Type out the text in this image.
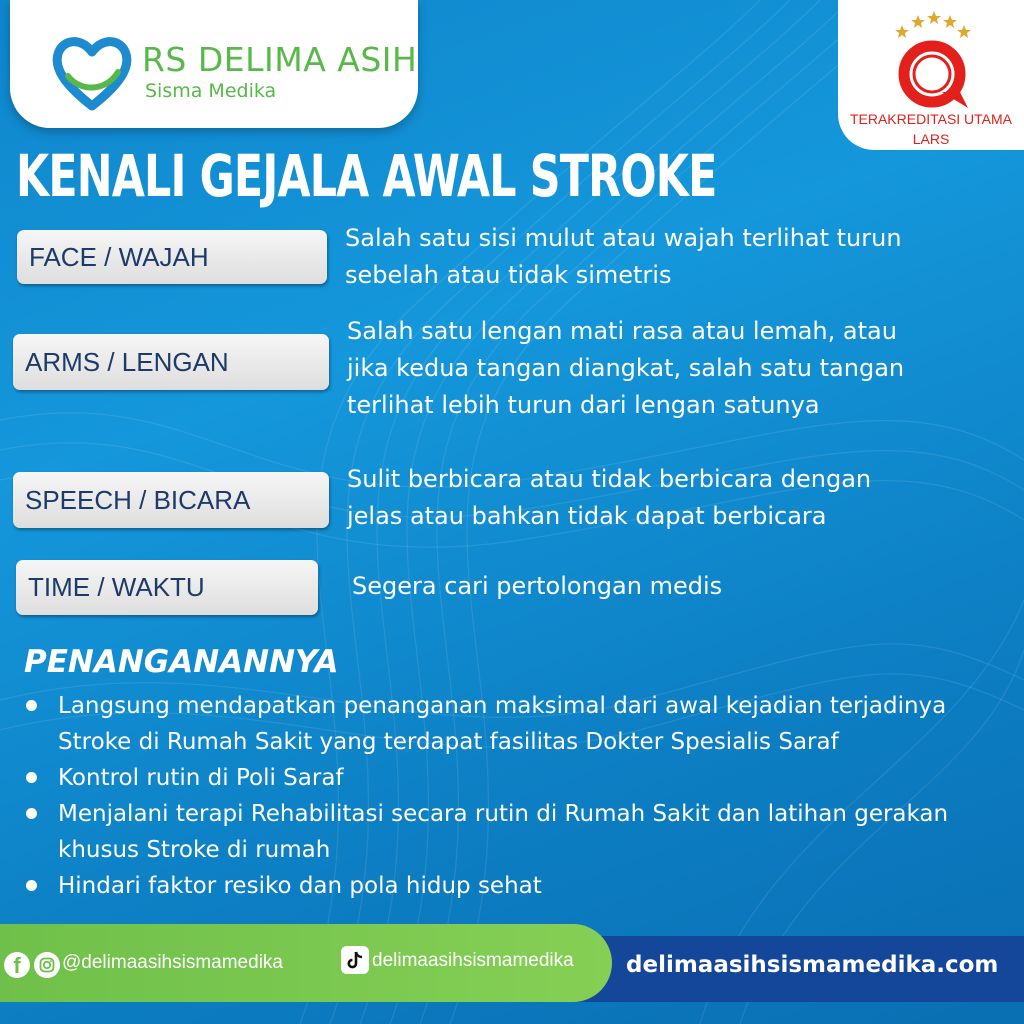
RS DELIMA ASIH
Sisma Medika
TERAKREDITASI UTAMA
LARS
KENALI GEJALA AWAL STROKE
FACE / WAJAH
Salah satu sisi mulut atau wajah terlihat turun
sebelah atau tidak simetris
ARMS / LENGAN
Salah satu lengan mati rasa atau lemah, atau
jika kedua tangan diangkat, salah satu tangan
terlihat lebih turun dari lengan satunya
SPEECH / BICARA
Sulit berbicara atau tidak berbicara dengan
jelas atau bahkan tidak dapat berbicara
TIME / WAKTU	Segera cari pertolongan medis
PENANGANANNYA
Langsung mendapatkan penanganan maksimal dari awal kejadian terjadinya
Stroke di Rumah Sakit yang terdapat fasilitas Dokter Spesialis Saraf
Kontrol rutin di Poli Saraf
Menjalani terapi Rehabilitasi secara rutin di Rumah Sakit dan latihan gerakan
khusus Stroke di rumah
Hindari faktor resiko dan pola hidup sehat
f	@delimaasihsismamedika	delimaasihsismamedika delimaasihsismamedika.com
